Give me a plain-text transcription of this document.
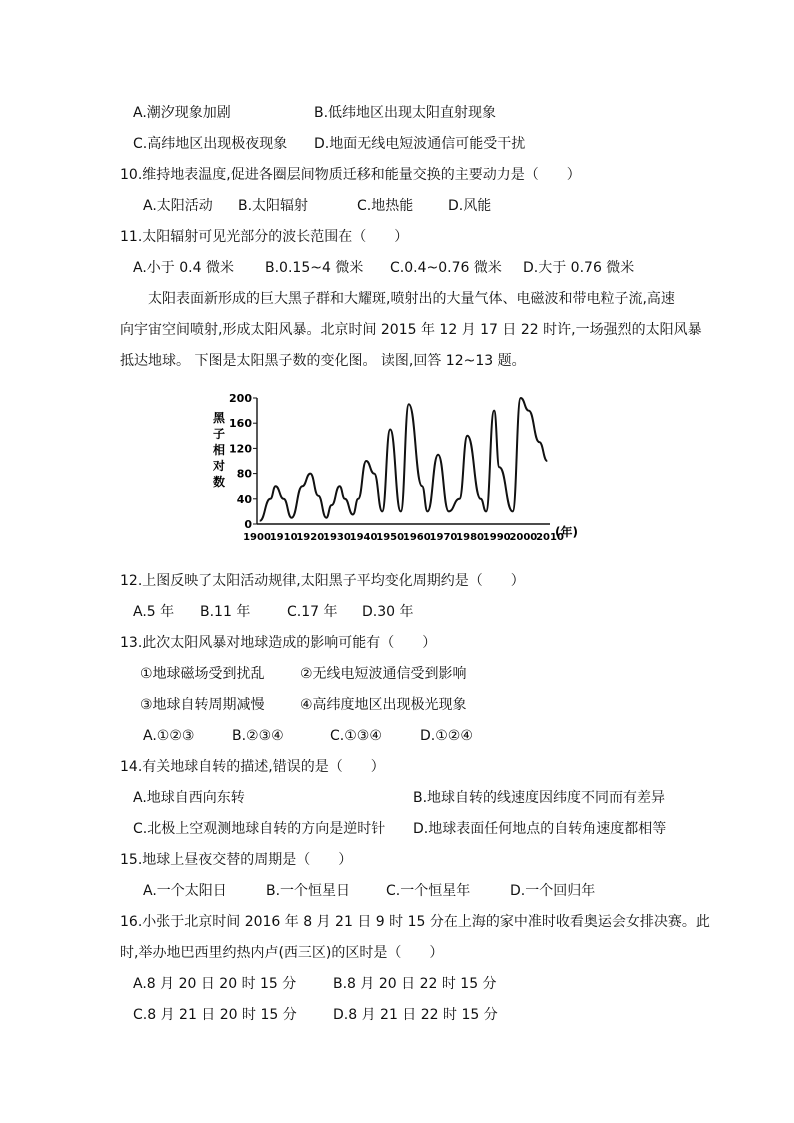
A.潮汐现象加剧	B.低纬地区出现太阳直射现象
C.高纬地区出现极夜现象 D.地面无线电短波通信可能受干扰
10.维持地表温度,促进各圈层间物质迁移和能量交换的主要动力是（　　）
A.太阳活动 B.太阳辐射	C.地热能 D.风能
11.太阳辐射可见光部分的波长范围在（　　）
A.小于 0.4 微米 B.0.15~4 微米 C.0.4~0.76 微米 D.大于 0.76 微米
　　太阳表面新形成的巨大黑子群和大耀斑,喷射出的大量气体、电磁波和带电粒子流,高速
向宇宙空间喷射,形成太阳风暴。北京时间 2015 年 12 月 17 日 22 时许,一场强烈的太阳风暴
抵达地球。 下图是太阳黑子数的变化图。 读图,回答 12~13 题。
黑
子
相
对
数
200
160
120
80
40
0
1900
1910
1920
1930
1940
1950
1960
1970
1980
1990
2000
2010
(年)
12.上图反映了太阳活动规律,太阳黑子平均变化周期约是（　　）
A.5 年 B.11 年	C.17 年 D.30 年
13.此次太阳风暴对地球造成的影响可能有（　　）
①地球磁场受到扰乱	②无线电短波通信受到影响
③地球自转周期减慢	④高纬度地区出现极光现象
A.①②③	B.②③④	C.①③④	D.①②④
14.有关地球自转的描述,错误的是（　　）
A.地球自西向东转	B.地球自转的线速度因纬度不同而有差异
C.北极上空观测地球自转的方向是逆时针 D.地球表面任何地点的自转角速度都相等
15.地球上昼夜交替的周期是（　　）
A.一个太阳日	B.一个恒星日	C.一个恒星年	D.一个回归年
16.小张于北京时间 2016 年 8 月 21 日 9 时 15 分在上海的家中准时收看奥运会女排决赛。此
时,举办地巴西里约热内卢(西三区)的区时是（　　）
A.8 月 20 日 20 时 15 分	B.8 月 20 日 22 时 15 分
C.8 月 21 日 20 时 15 分	D.8 月 21 日 22 时 15 分
